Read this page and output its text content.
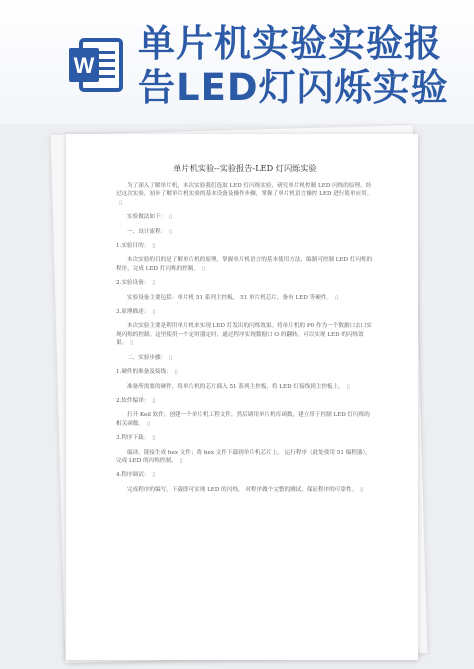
W
单片机实验实验报告LED灯闪烁实验
单片机实验--实验报告-LED 灯闪烁实验

为了深入了解单片机，本次实验我们选取 LED 灯闪烁实验，研究单片机控制 LED 闪烁的原理。经过这次实验，初步了解单片机实验的基本设备及操作步骤，掌握了单片机语言操控 LED 进行简单应用。▯

实验做法如下： ▯

一、设计流程： ▯

1.实验目的： ▯

本次实验的目的是了解单片机的原理，掌握单片机语言的基本使用方法，编制可控制 LED 灯闪烁的程序，完成 LED 灯闪烁的控制。 ▯

2.实验设备： ▯

实验设备主要包括：单片机 51 系列主控板， 51 单片机芯片，备有 LED 等硬件。 ▯

3.原理描述： ▯

本次实验主要是利用单片机来实现 LED 灯发出的闪烁效果。将单片机的 P0 作为一个数据口去口实现闪烁的控制。这里使用一个定时器定时，通过程序实现数据口 O 的翻转，可以实现 LED 的闪烁效果。 ▯

二、实验步骤： ▯

1.硬件的准备及接线： ▯

准备所需要的硬件，将单片机的芯片插入 51 系列主控板，将 LED 灯接线到主控板上。 ▯

2.软件编译： ▯

打开 Keil 软件，创建一个单片机工程文件，然后调用单片机库函数，建立用于控制 LED 灯闪烁的相关函数。 ▯

3.程序下载： ▯

编译、链接生成 hex 文件；将 hex 文件下载到单片机芯片上， 运行程序（此处使用 51 编程器），完成 LED 的闪烁控制。 ▯

4.程序调试： ▯

完成程序的编写，下载即可实现 LED 的闪烁， 对程序做个完整的测试，保证程序的可靠性。 ▯
